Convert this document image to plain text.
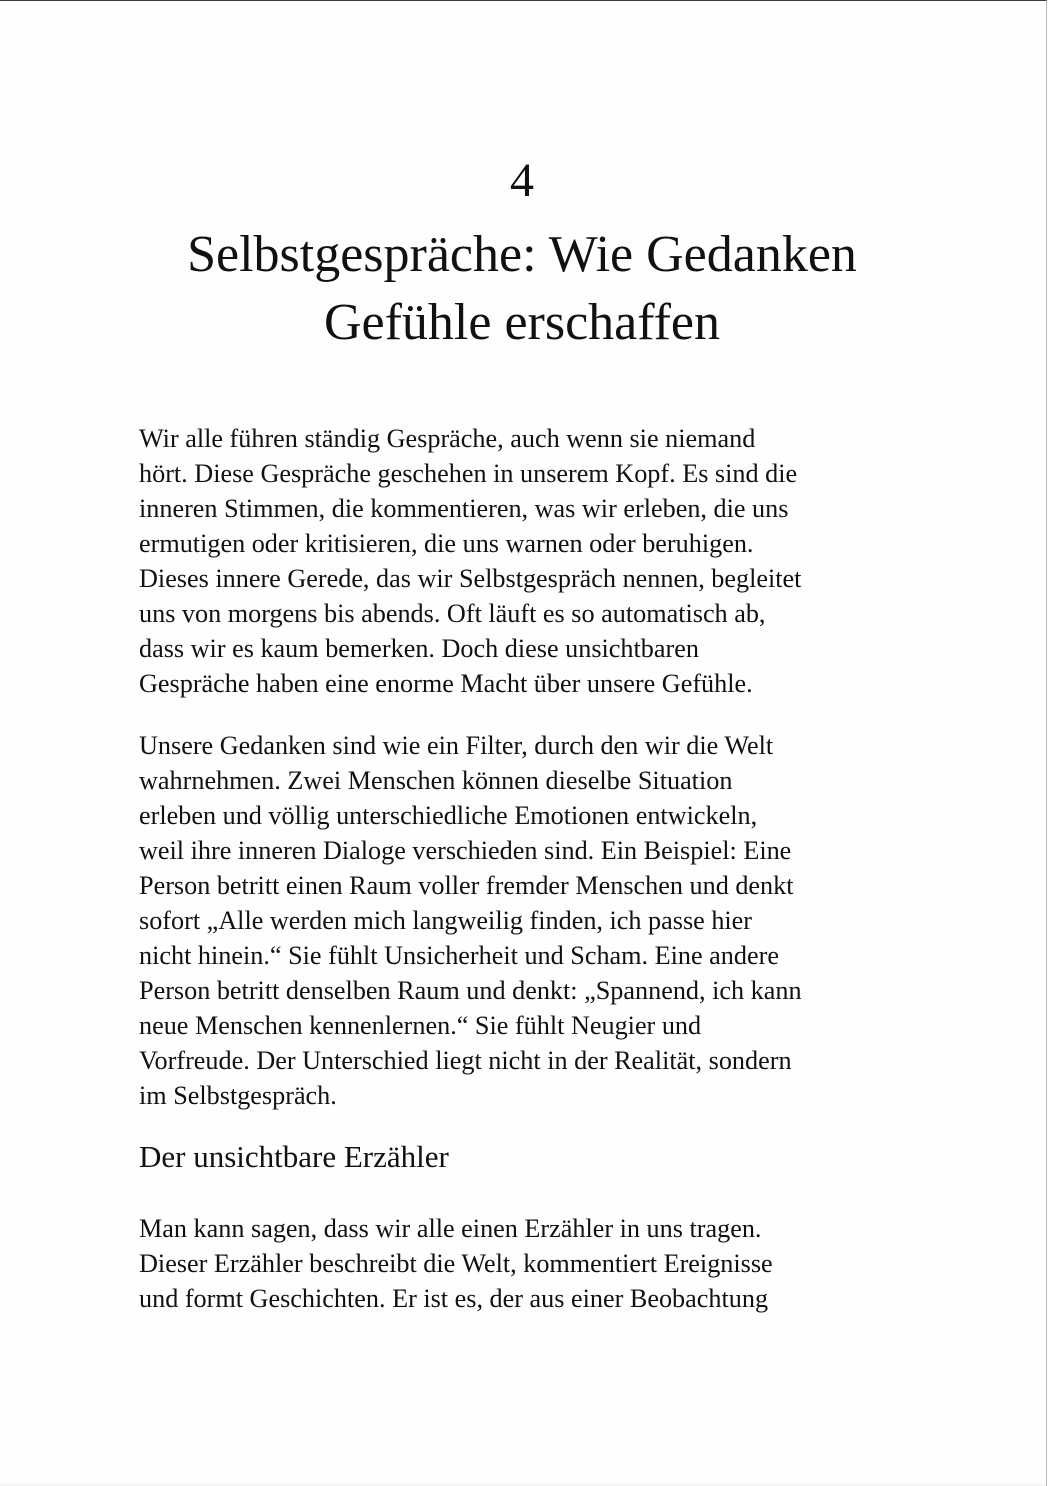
4
Selbstgespräche: Wie Gedanken
Gefühle erschaffen

Wir alle führen ständig Gespräche, auch wenn sie niemand
hört. Diese Gespräche geschehen in unserem Kopf. Es sind die
inneren Stimmen, die kommentieren, was wir erleben, die uns
ermutigen oder kritisieren, die uns warnen oder beruhigen.
Dieses innere Gerede, das wir Selbstgespräch nennen, begleitet
uns von morgens bis abends. Oft läuft es so automatisch ab,
dass wir es kaum bemerken. Doch diese unsichtbaren
Gespräche haben eine enorme Macht über unsere Gefühle.

Unsere Gedanken sind wie ein Filter, durch den wir die Welt
wahrnehmen. Zwei Menschen können dieselbe Situation
erleben und völlig unterschiedliche Emotionen entwickeln,
weil ihre inneren Dialoge verschieden sind. Ein Beispiel: Eine
Person betritt einen Raum voller fremder Menschen und denkt
sofort „Alle werden mich langweilig finden, ich passe hier
nicht hinein.“ Sie fühlt Unsicherheit und Scham. Eine andere
Person betritt denselben Raum und denkt: „Spannend, ich kann
neue Menschen kennenlernen.“ Sie fühlt Neugier und
Vorfreude. Der Unterschied liegt nicht in der Realität, sondern
im Selbstgespräch.

Der unsichtbare Erzähler

Man kann sagen, dass wir alle einen Erzähler in uns tragen.
Dieser Erzähler beschreibt die Welt, kommentiert Ereignisse
und formt Geschichten. Er ist es, der aus einer Beobachtung
